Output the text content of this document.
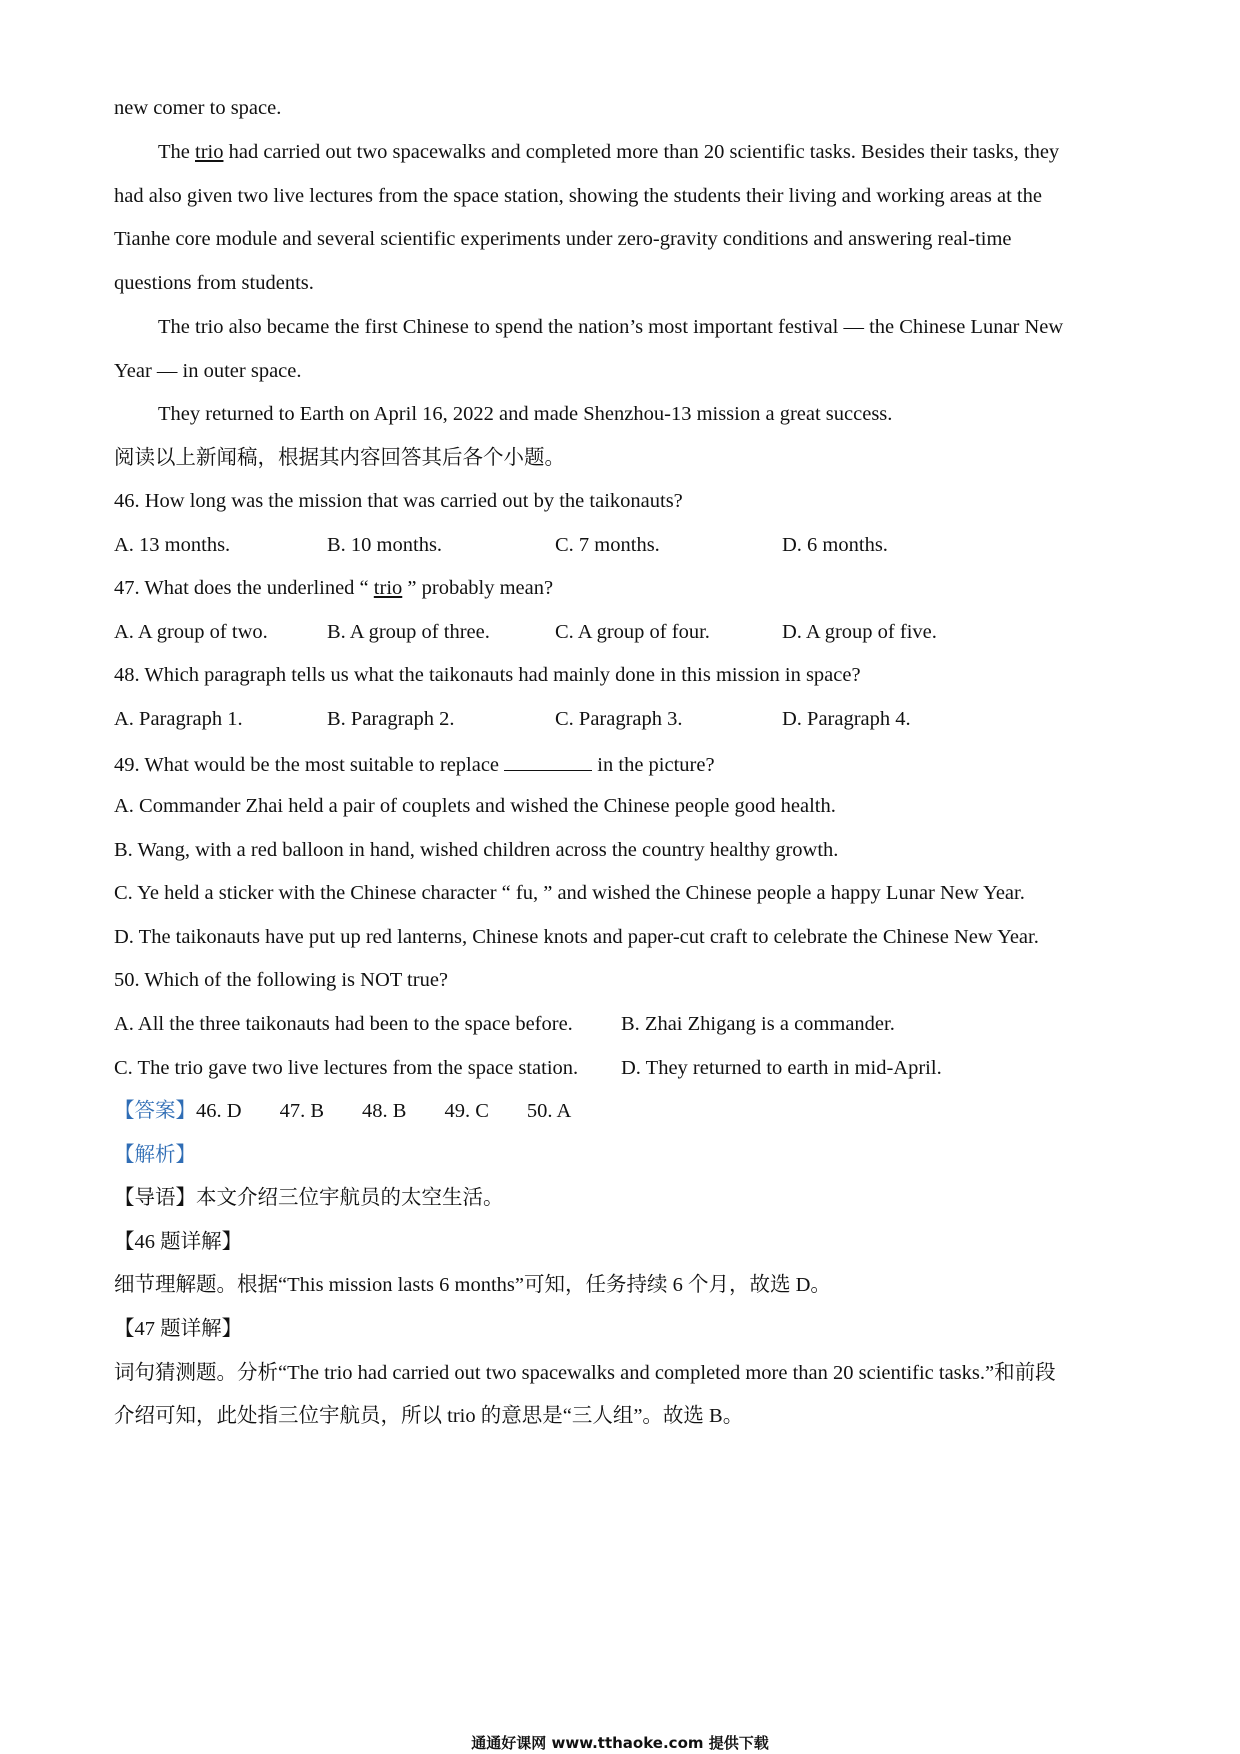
new comer to space.
The trio had carried out two spacewalks and completed more than 20 scientific tasks. Besides their tasks, they
had also given two live lectures from the space station, showing the students their living and working areas at the
Tianhe core module and several scientific experiments under zero-gravity conditions and answering real-time
questions from students.
The trio also became the first Chinese to spend the nation’s most important festival — the Chinese Lunar New
Year — in outer space.
They returned to Earth on April 16, 2022 and made Shenzhou-13 mission a great success.
阅读以上新闻稿，根据其内容回答其后各个小题。
46. How long was the mission that was carried out by the taikonauts?
A. 13 months.	B. 10 months.	C. 7 months.	D. 6 months.
47. What does the underlined “ trio ” probably mean?
A. A group of two.	B. A group of three.	C. A group of four.	D. A group of five.
48. Which paragraph tells us what the taikonauts had mainly done in this mission in space?
A. Paragraph 1.	B. Paragraph 2.	C. Paragraph 3.	D. Paragraph 4.
49. What would be the most suitable to replace	in the picture?
A. Commander Zhai held a pair of couplets and wished the Chinese people good health.
B. Wang, with a red balloon in hand, wished children across the country healthy growth.
C. Ye held a sticker with the Chinese character “ fu, ” and wished the Chinese people a happy Lunar New Year.
D. The taikonauts have put up red lanterns, Chinese knots and paper-cut craft to celebrate the Chinese New Year.
50. Which of the following is NOT true?
A. All the three taikonauts had been to the space before. B. Zhai Zhigang is a commander.
C. The trio gave two live lectures from the space station. D. They returned to earth in mid-April.
【答案】46. D 47. B 48. B 49. C 50. A
【解析】
【导语】本文介绍三位宇航员的太空生活。
【46 题详解】
细节理解题。根据“This mission lasts 6 months”可知，任务持续 6 个月，故选 D。
【47 题详解】
词句猜测题。分析“The trio had carried out two spacewalks and completed more than 20 scientific tasks.”和前段
介绍可知，此处指三位宇航员，所以 trio 的意思是“三人组”。故选 B。
通通好课网 www.tthaoke.com 提供下载
